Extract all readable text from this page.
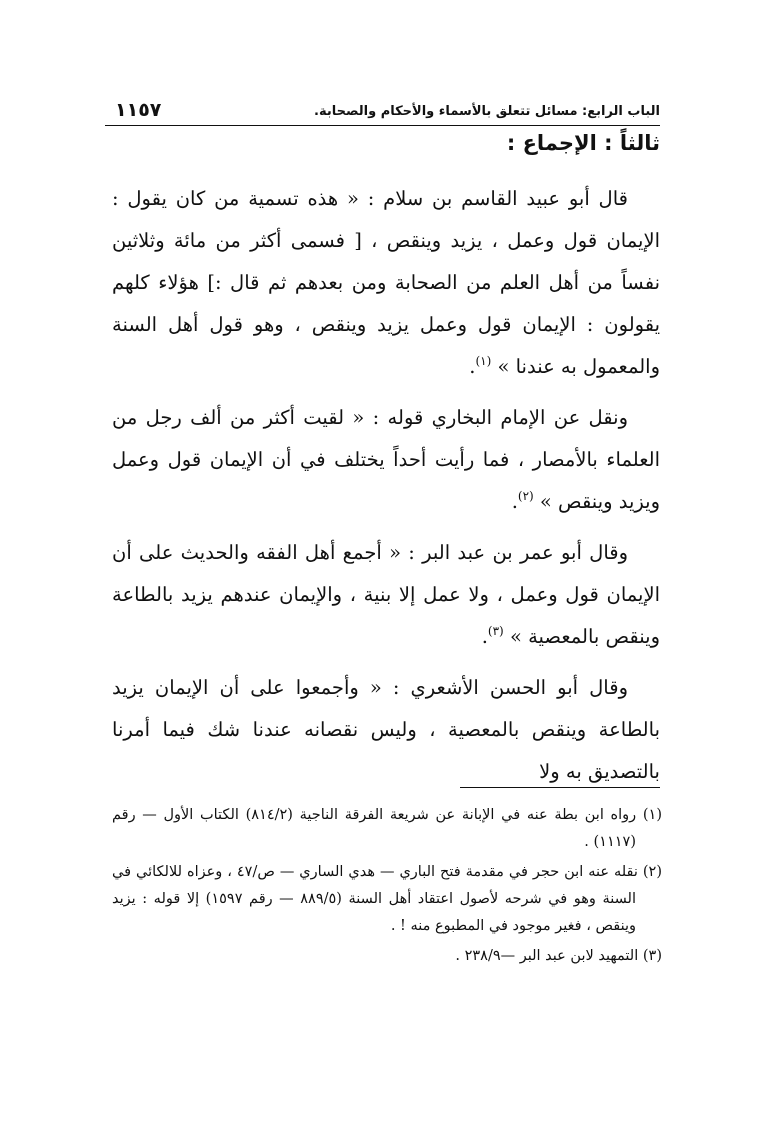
الباب الرابع: مسائل تتعلق بالأسماء والأحكام والصحابة.
١١٥٧
ثالثاً : الإجماع :

قال أبو عبيد القاسم بن سلام : « هذه تسمية من كان يقول : الإيمان قول وعمل ، يزيد وينقص ، [ فسمى أكثر من مائة وثلاثين نفساً من أهل العلم من الصحابة ومن بعدهم ثم قال :] هؤلاء كلهم يقولون : الإيمان قول وعمل يزيد وينقص ، وهو قول أهل السنة والمعمول به عندنا » $^{(١)}$.

ونقل عن الإمام البخاري قوله : « لقيت أكثر من ألف رجل من العلماء بالأمصار ، فما رأيت أحداً يختلف في أن الإيمان قول وعمل ويزيد وينقص » $^{(٢)}$.

وقال أبو عمر بن عبد البر : « أجمع أهل الفقه والحديث على أن الإيمان قول وعمل ، ولا عمل إلا بنية ، والإيمان عندهم يزيد بالطاعة وينقص بالمعصية » $^{(٣)}$.

وقال أبو الحسن الأشعري : « وأجمعوا على أن الإيمان يزيد بالطاعة وينقص بالمعصية ، وليس نقصانه عندنا شك فيما أمرنا بالتصديق به ولا

(١) رواه ابن بطة عنه في الإبانة عن شريعة الفرقة الناجية (٨١٤/٢) الكتاب الأول — رقم (١١١٧) .

(٢) نقله عنه ابن حجر في مقدمة فتح الباري — هدي الساري — ص/٤٧ ، وعزاه للالكائي في السنة وهو في شرحه لأصول اعتقاد أهل السنة (٨٨٩/٥ — رقم ١٥٩٧) إلا قوله : يزيد وينقص ، فغير موجود في المطبوع منه ! .

(٣) التمهيد لابن عبد البر —٢٣٨/٩ .
